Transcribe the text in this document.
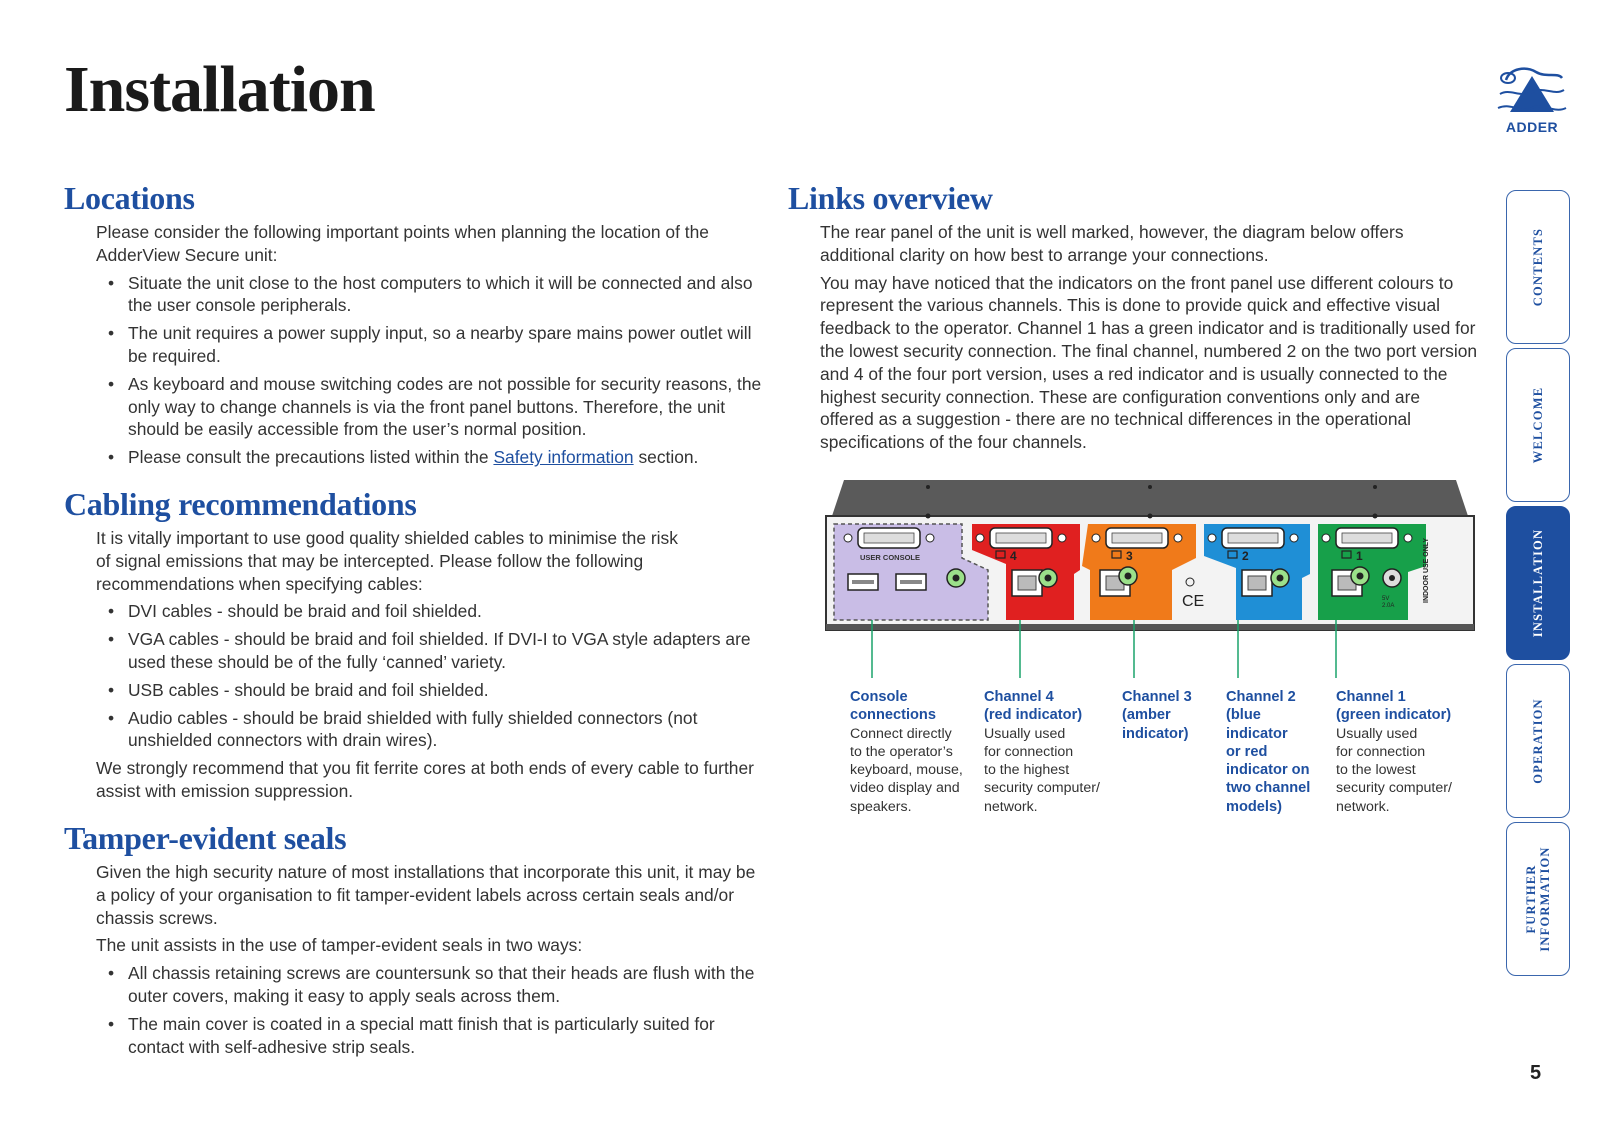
Installation
ADDER
Locations

Please consider the following important points when planning the location of the AdderView Secure unit:

• Situate the unit close to the host computers to which it will be connected and also the user console peripherals.
• The unit requires a power supply input, so a nearby spare mains power outlet will be required.
• As keyboard and mouse switching codes are not possible for security reasons, the only way to change channels is via the front panel buttons. Therefore, the unit should be easily accessible from the user’s normal position.
• Please consult the precautions listed within the Safety information section.
Cabling recommendations

It is vitally important to use good quality shielded cables to minimise the risk of signal emissions that may be intercepted. Please follow the following recommendations when specifying cables:

• DVI cables - should be braid and foil shielded.
• VGA cables - should be braid and foil shielded. If DVI-I to VGA style adapters are used these should be of the fully ‘canned’ variety.
• USB cables - should be braid and foil shielded.
• Audio cables - should be braid shielded with fully shielded connectors (not unshielded connectors with drain wires).

We strongly recommend that you fit ferrite cores at both ends of every cable to further assist with emission suppression.

Tamper-evident seals

Given the high security nature of most installations that incorporate this unit, it may be a policy of your organisation to fit tamper-evident labels across certain seals and/or chassis screws.

The unit assists in the use of tamper-evident seals in two ways:

• All chassis retaining screws are countersunk so that their heads are flush with the outer covers, making it easy to apply seals across them.
• The main cover is coated in a special matt finish that is particularly suited for contact with self-adhesive strip seals.
Links overview

The rear panel of the unit is well marked, however, the diagram below offers additional clarity on how best to arrange your connections.

You may have noticed that the indicators on the front panel use different colours to represent the various channels. This is done to provide quick and effective visual feedback to the operator. Channel 1 has a green indicator and is traditionally used for the lowest security connection. The final channel, numbered 2 on the two port version and 4 of the four port version, uses a red indicator and is usually connected to the highest security connection. These are configuration conventions only and are offered as a suggestion - there are no technical differences in the operational specifications of the four channels.

USER CONSOLE	4	3	2	1
5V
2.0A
CE	INDOOR USE ONLY
Console
connections
Connect directly
to the operator’s
keyboard, mouse,
video display and
speakers.
Channel 4
(red indicator)
Usually used
for connection
to the highest
security computer/
network.
Channel 3
(amber
indicator)
Channel 2
(blue
indicator
or red
indicator on
two channel
models)
Channel 1
(green indicator)
Usually used
for connection
to the lowest
security computer/
network.
CONTENTS
WELCOME
INSTALLATION
OPERATION
FURTHER
INFORMATION
5
